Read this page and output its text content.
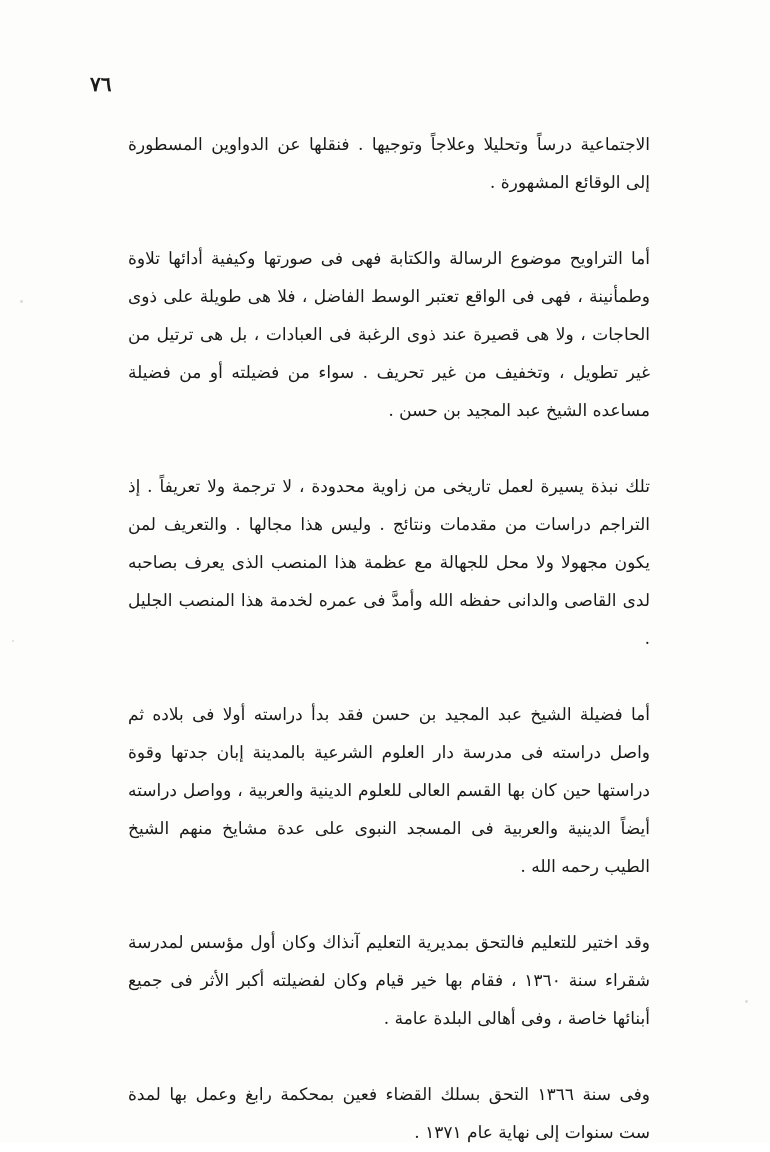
٧٦

الاجتماعية درساً وتحليلا وعلاجاً وتوجيها . فنقلها عن الدواوين المسطورة إلى الوقائع المشهورة .

أما التراويح موضوع الرسالة والكتابة فهى فى صورتها وكيفية أدائها تلاوة وطمأنينة ، فهى فى الواقع تعتبر الوسط الفاضل ، فلا هى طويلة على ذوى الحاجات ، ولا هى قصيرة عند ذوى الرغبة فى العبادات ، بل هى ترتيل من غير تطويل ، وتخفيف من غير تحريف . سواء من فضيلته أو من فضيلة مساعده الشيخ عبد المجيد بن حسن .

تلك نبذة يسيرة لعمل تاريخى من زاوية محدودة ، لا ترجمة ولا تعريفاً . إذ التراجم دراسات من مقدمات ونتائج . وليس هذا مجالها . والتعريف لمن يكون مجهولا ولا محل للجهالة مع عظمة هذا المنصب الذى يعرف بصاحبه لدى القاصى والدانى حفظه الله وأمدَّ فى عمره لخدمة هذا المنصب الجليل .

أما فضيلة الشيخ عبد المجيد بن حسن فقد بدأ دراسته أولا فى بلاده ثم واصل دراسته فى مدرسة دار العلوم الشرعية بالمدينة إبان جدتها وقوة دراستها حين كان بها القسم العالى للعلوم الدينية والعربية ، وواصل دراسته أيضاً الدينية والعربية فى المسجد النبوى على عدة مشايخ منهم الشيخ الطيب رحمه الله .

وقد اختير للتعليم فالتحق بمديرية التعليم آنذاك وكان أول مؤسس لمدرسة شقراء سنة ١٣٦٠ ، فقام بها خير قيام وكان لفضيلته أكبر الأثر فى جميع أبنائها خاصة ، وفى أهالى البلدة عامة .

وفى سنة ١٣٦٦ التحق بسلك القضاء فعين بمحكمة رابغ وعمل بها لمدة ست سنوات إلى نهاية عام ١٣٧١ .
